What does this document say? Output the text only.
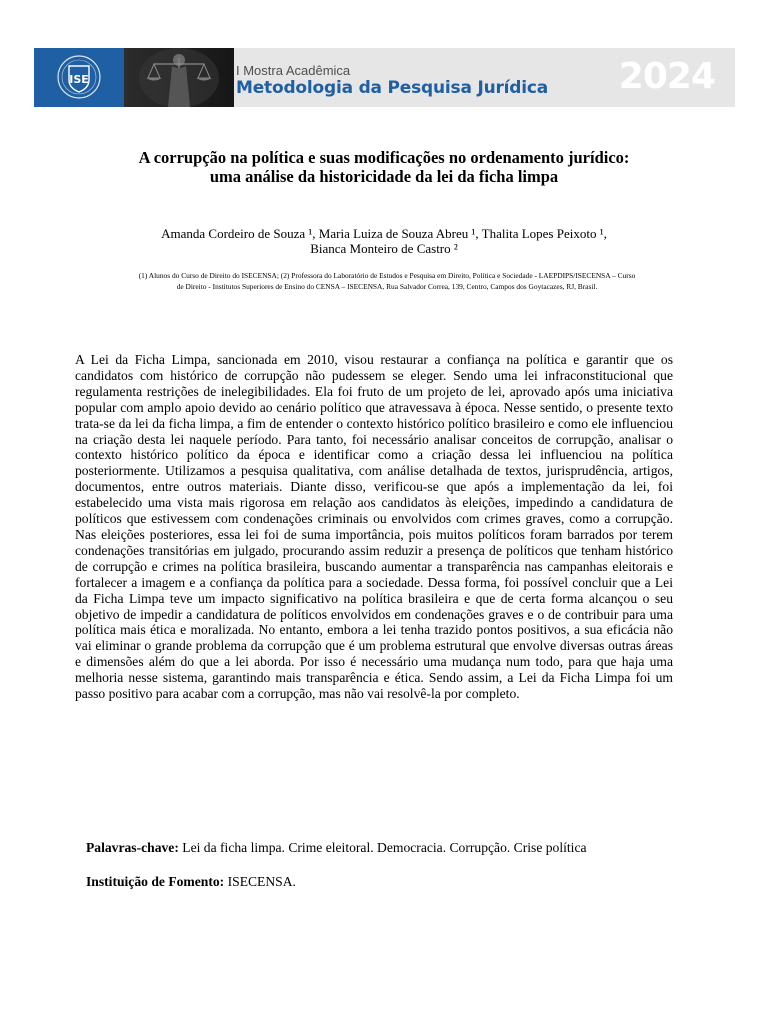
ISE
I Mostra Acadêmica
Metodologia da Pesquisa Jurídica 2024
A corrupção na política e suas modificações no ordenamento jurídico:
uma análise da historicidade da lei da ficha limpa
Amanda Cordeiro de Souza ¹, Maria Luiza de Souza Abreu ¹, Thalita Lopes Peixoto ¹,
Bianca Monteiro de Castro ²
(1) Alunos do Curso de Direito do ISECENSA; (2) Professora do Laboratório de Estudos e Pesquisa em Direito, Política e Sociedade - LAEPDIPS/ISECENSA – Curso
de Direito - Institutos Superiores de Ensino do CENSA – ISECENSA, Rua Salvador Correa, 139, Centro, Campos dos Goytacazes, RJ, Brasil.

A Lei da Ficha Limpa, sancionada em 2010, visou restaurar a confiança na política e garantir que os candidatos com histórico de corrupção não pudessem se eleger. Sendo uma lei infraconstitucional que regulamenta restrições de inelegibilidades. Ela foi fruto de um projeto de lei, aprovado após uma iniciativa popular com amplo apoio devido ao cenário político que atravessava à época. Nesse sentido, o presente texto trata-se da lei da ficha limpa, a fim de entender o contexto histórico político brasileiro e como ele influenciou na criação desta lei naquele período. Para tanto, foi necessário analisar conceitos de corrupção, analisar o contexto histórico político da época e identificar como a criação dessa lei influenciou na política posteriormente. Utilizamos a pesquisa qualitativa, com análise detalhada de textos, jurisprudência, artigos, documentos, entre outros materiais. Diante disso, verificou-se que após a implementação da lei, foi estabelecido uma vista mais rigorosa em relação aos candidatos às eleições, impedindo a candidatura de políticos que estivessem com condenações criminais ou envolvidos com crimes graves, como a corrupção. Nas eleições posteriores, essa lei foi de suma importância, pois muitos políticos foram barrados por terem condenações transitórias em julgado, procurando assim reduzir a presença de políticos que tenham histórico de corrupção e crimes na política brasileira, buscando aumentar a transparência nas campanhas eleitorais e fortalecer a imagem e a confiança da política para a sociedade. Dessa forma, foi possível concluir que a Lei da Ficha Limpa teve um impacto significativo na política brasileira e que de certa forma alcançou o seu objetivo de impedir a candidatura de políticos envolvidos em condenações graves e o de contribuir para uma política mais ética e moralizada. No entanto, embora a lei tenha trazido pontos positivos, a sua eficácia não vai eliminar o grande problema da corrupção que é um problema estrutural que envolve diversas outras áreas e dimensões além do que a lei aborda. Por isso é necessário uma mudança num todo, para que haja uma melhoria nesse sistema, garantindo mais transparência e ética. Sendo assim, a Lei da Ficha Limpa foi um passo positivo para acabar com a corrupção, mas não vai resolvê-la por completo.

Palavras-chave: Lei da ficha limpa. Crime eleitoral. Democracia. Corrupção. Crise política
Instituição de Fomento: ISECENSA.
